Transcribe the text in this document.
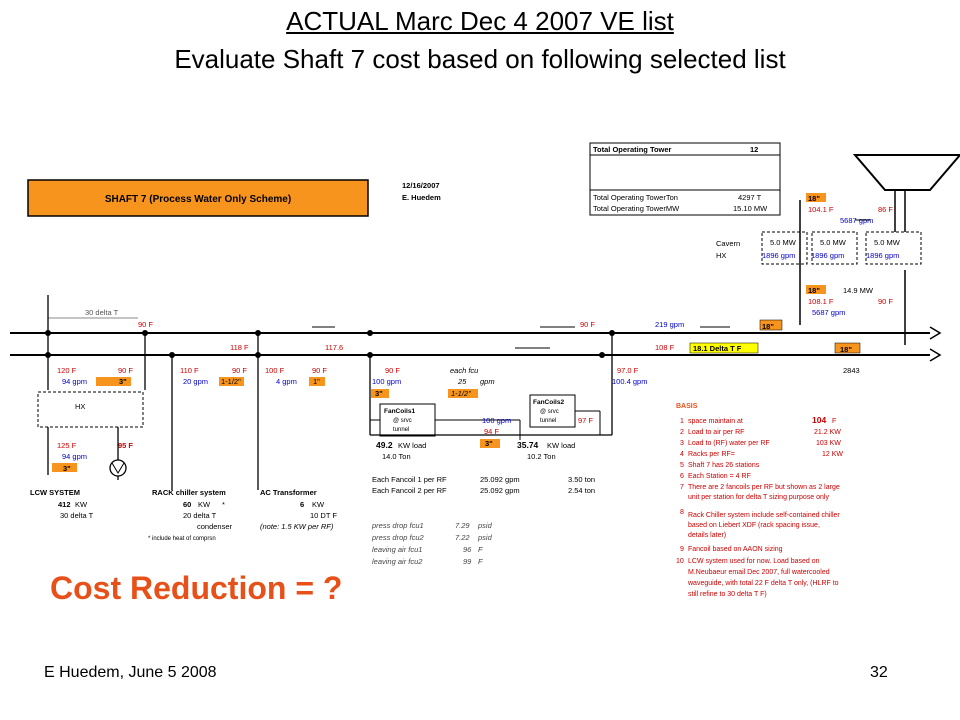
ACTUAL Marc Dec 4 2007 VE list
Evaluate Shaft 7 cost based on following selected list
SHAFT 7 (Process Water Only Scheme)
12/16/2007
E. Huedem
Total Operating Tower	12
Total Operating TowerTon	4297 T
Total Operating TowerMW	15.10 MW
18"
104.1 F	86 F
5687 gpm
Cavern
HX
5.0 MW	5.0 MW	5.0 MW
1896 gpm 1896 gpm	1896 gpm
18"	14.9 MW
108.1 F	90 F
5687 gpm
18"
18"
2843
30 delta T
90 F	90 F	219 gpm
118 F	117.6	108 F	18.1 Delta T F
120 F	90 F
94 gpm	3"
HX
125 F	95 F
94 gpm
3"
LCW SYSTEM
412 KW
30 delta T
110 F	90 F
20 gpm 1-1/2"
RACK chiller system
60 KW *
20 delta T
condenser
* include heat of comprsn
100 F	90 F
4 gpm 1"
AC Transformer
6 KW
10 DT F
(note: 1.5 KW per RF)
90 F
100 gpm
3"
each fcu
25 gpm
1-1/2"
FanCoils1
@ srvc
tunnel
49.2 KW load
14.0 Ton
100 gpm
94 F
3"
FanCoils2
@ srvc
tunnel
35.74 KW load
10.2 Ton
97 F
97.0 F
100.4 gpm
Each Fancoil 1 per RF	25.092 gpm	3.50 ton
Each Fancoil 2 per RF	25.092 gpm	2.54 ton
press drop fcu1	7.29 psid
press drop fcu2	7.22 psid
leaving air fcu1	96 F
leaving air fcu2	99 F
BASIS
1 space maintain at	104 F
2 Load to air per RF	21.2 KW
3 Load to (RF) water per RF	103 KW
4 Racks per RF=	12 KW
5 Shaft 7 has 26 stations
6 Each Station = 4 RF
7 There are 2 fancoils per RF but shown as 2 large
unit per station for delta T sizing purpose only
8 Rack Chiller system include self-contained chiller
based on Liebert XDF (rack spacing issue,
details later)
9 Fancoil based on AAON sizing
10 LCW system used for now. Load based on
M.Neubaeur email Dec 2007, full watercooled
waveguide, with total 22 F delta T only, (HLRF to
still refine to 30 delta T F)
Cost Reduction = ?
E Huedem, June 5 2008	32
